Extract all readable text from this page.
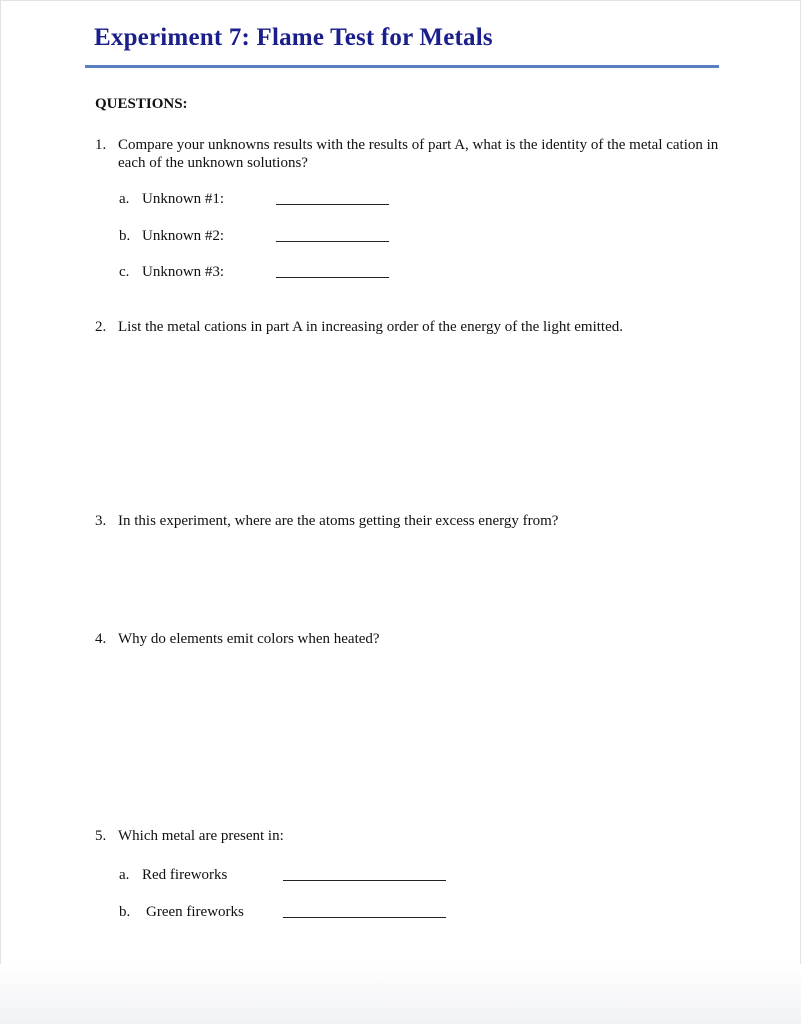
Experiment 7: Flame Test for Metals
QUESTIONS:
1. Compare your unknowns results with the results of part A, what is the identity of the metal cation in each of the unknown solutions?
a. Unknown #1:
b. Unknown #2:
c. Unknown #3:
2. List the metal cations in part A in increasing order of the energy of the light emitted.
3. In this experiment, where are the atoms getting their excess energy from?
4. Why do elements emit colors when heated?
5. Which metal are present in:
a. Red fireworks
b. Green fireworks
